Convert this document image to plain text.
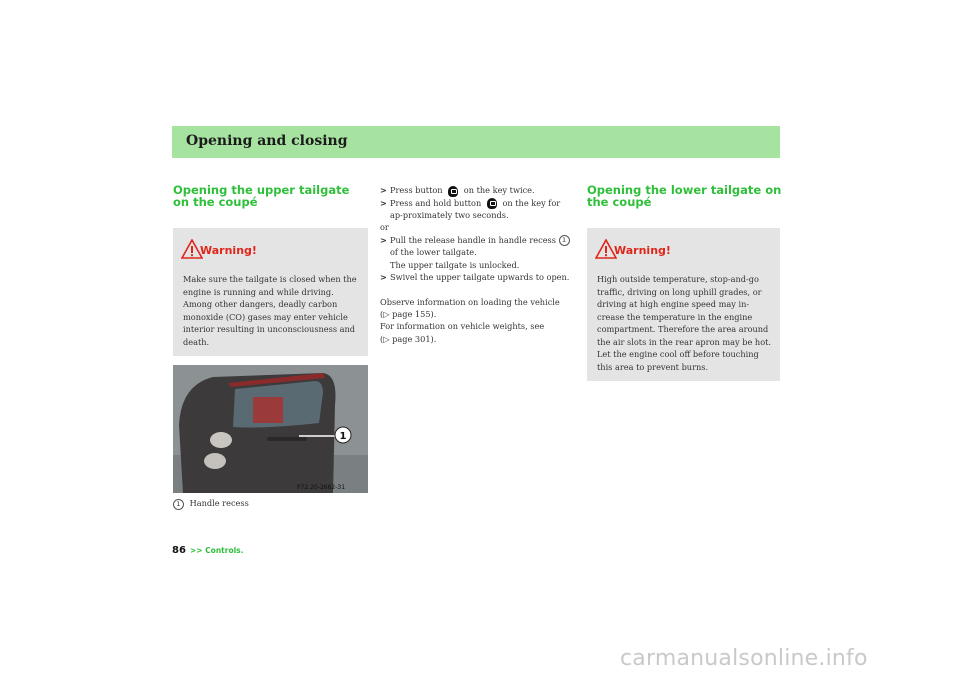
Opening and closing
Opening the upper tailgate on the coupé
Warning!
Make sure the tailgate is closed when the engine is running and while driving. Among other dangers, deadly carbon monoxide (CO) gases may enter vehicle interior resulting in unconsciousness and death.
1
P72.20-2662-31
1 Handle recess
> Press button	on the key twice.
> Press and hold button	on the key for ap-proximately two seconds.
or
> Pull the release handle in handle recess 1 of the lower tailgate.
The upper tailgate is unlocked.
> Swivel the upper tailgate upwards to open.
Observe information on loading the vehicle
(▷ page 155).
For information on vehicle weights, see
(▷ page 301).
Opening the lower tailgate on the coupé
Warning!
High outside temperature, stop-and-go traffic, driving on long uphill grades, or driving at high engine speed may in-crease the temperature in the engine compartment. Therefore the area around the air slots in the rear apron may be hot. Let the engine cool off before touching this area to prevent burns.
86 >> Controls.
carmanualsonline.info
